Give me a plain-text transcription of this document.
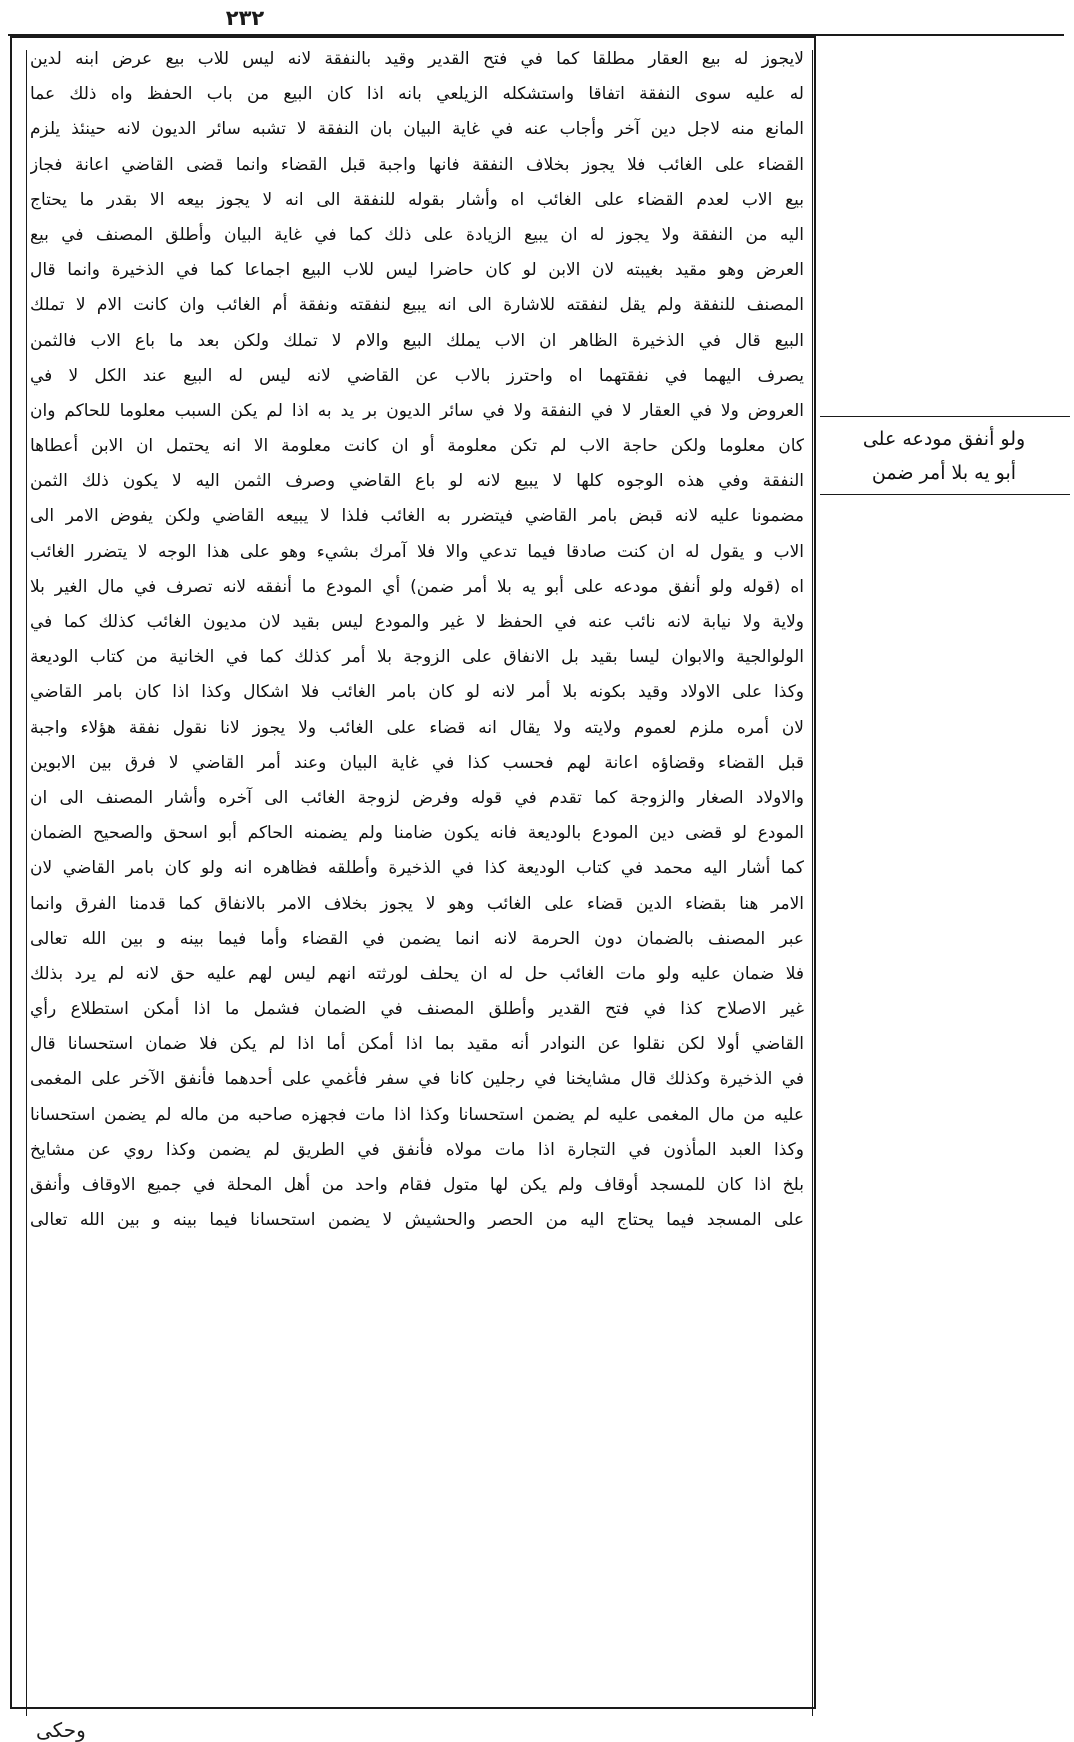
٢٣٢
ولو أنفق مودعه على
أبو يه بلا أمر ضمن
لايجوز له بيع العقار مطلقا كما في فتح القدير وقيد بالنفقة لانه ليس للاب بيع عرض ابنه لدين
له عليه سوى النفقة اتفاقا واستشكله الزيلعي بانه اذا كان البيع من باب الحفظ واه ذلك عما
المانع منه لاجل دين آخر وأجاب عنه في غاية البيان بان النفقة لا تشبه سائر الديون لانه حينئذ يلزم
القضاء على الغائب فلا يجوز بخلاف النفقة فانها واجبة قبل القضاء وانما قضى القاضي اعانة فجاز
بيع الاب لعدم القضاء على الغائب اه وأشار بقوله للنفقة الى انه لا يجوز بيعه الا بقدر ما يحتاج
اليه من النفقة ولا يجوز له ان يبيع الزيادة على ذلك كما في غاية البيان وأطلق المصنف في بيع
العرض وهو مقيد بغيبته لان الابن لو كان حاضرا ليس للاب البيع اجماعا كما في الذخيرة وانما قال
المصنف للنفقة ولم يقل لنفقته للاشارة الى انه يبيع لنفقته ونفقة أم الغائب وان كانت الام لا تملك
البيع قال في الذخيرة الظاهر ان الاب يملك البيع والام لا تملك ولكن بعد ما باع الاب فالثمن
يصرف اليهما في نفقتهما اه واحترز بالاب عن القاضي لانه ليس له البيع عند الكل لا في
العروض ولا في العقار لا في النفقة ولا في سائر الديون بر يد به اذا لم يكن السبب معلوما للحاكم وان
كان معلوما ولكن حاجة الاب لم تكن معلومة أو ان كانت معلومة الا انه يحتمل ان الابن أعطاها
النفقة وفي هذه الوجوه كلها لا يبيع لانه لو باع القاضي وصرف الثمن اليه لا يكون ذلك الثمن
مضمونا عليه لانه قبض بامر القاضي فيتضرر به الغائب فلذا لا يبيعه القاضي ولكن يفوض الامر الى
الاب و يقول له ان كنت صادقا فيما تدعي والا فلا آمرك بشيء وهو على هذا الوجه لا يتضرر الغائب
اه (قوله ولو أنفق مودعه على أبو يه بلا أمر ضمن) أي المودع ما أنفقه لانه تصرف في مال الغير بلا
ولاية ولا نيابة لانه نائب عنه في الحفظ لا غير والمودع ليس بقيد لان مديون الغائب كذلك كما في
الولوالجية والابوان ليسا بقيد بل الانفاق على الزوجة بلا أمر كذلك كما في الخانية من كتاب الوديعة
وكذا على الاولاد وقيد بكونه بلا أمر لانه لو كان بامر الغائب فلا اشكال وكذا اذا كان بامر القاضي
لان أمره ملزم لعموم ولايته ولا يقال انه قضاء على الغائب ولا يجوز لانا نقول نفقة هؤلاء واجبة
قبل القضاء وقضاؤه اعانة لهم فحسب كذا في غاية البيان وعند أمر القاضي لا فرق بين الابوين
والاولاد الصغار والزوجة كما تقدم في قوله وفرض لزوجة الغائب الى آخره وأشار المصنف الى ان
المودع لو قضى دين المودع بالوديعة فانه يكون ضامنا ولم يضمنه الحاكم أبو اسحق والصحيح الضمان
كما أشار اليه محمد في كتاب الوديعة كذا في الذخيرة وأطلقه فظاهره انه ولو كان بامر القاضي لان
الامر هنا بقضاء الدين قضاء على الغائب وهو لا يجوز بخلاف الامر بالانفاق كما قدمنا الفرق وانما
عبر المصنف بالضمان دون الحرمة لانه انما يضمن في القضاء وأما فيما بينه و بين الله تعالى
فلا ضمان عليه ولو مات الغائب حل له ان يحلف لورثته انهم ليس لهم عليه حق لانه لم يرد بذلك
غير الاصلاح كذا في فتح القدير وأطلق المصنف في الضمان فشمل ما اذا أمكن استطلاع رأي
القاضي أولا لكن نقلوا عن النوادر أنه مقيد بما اذا أمكن أما اذا لم يكن فلا ضمان استحسانا قال
في الذخيرة وكذلك قال مشايخنا في رجلين كانا في سفر فأغمي على أحدهما فأنفق الآخر على المغمى
عليه من مال المغمى عليه لم يضمن استحسانا وكذا اذا مات فجهزه صاحبه من ماله لم يضمن استحسانا
وكذا العبد المأذون في التجارة اذا مات مولاه فأنفق في الطريق لم يضمن وكذا روي عن مشايخ
بلخ اذا كان للمسجد أوقاف ولم يكن لها متول فقام واحد من أهل المحلة في جميع الاوقاف وأنفق
على المسجد فيما يحتاج اليه من الحصر والحشيش لا يضمن استحسانا فيما بينه و بين الله تعالى
وحكى
